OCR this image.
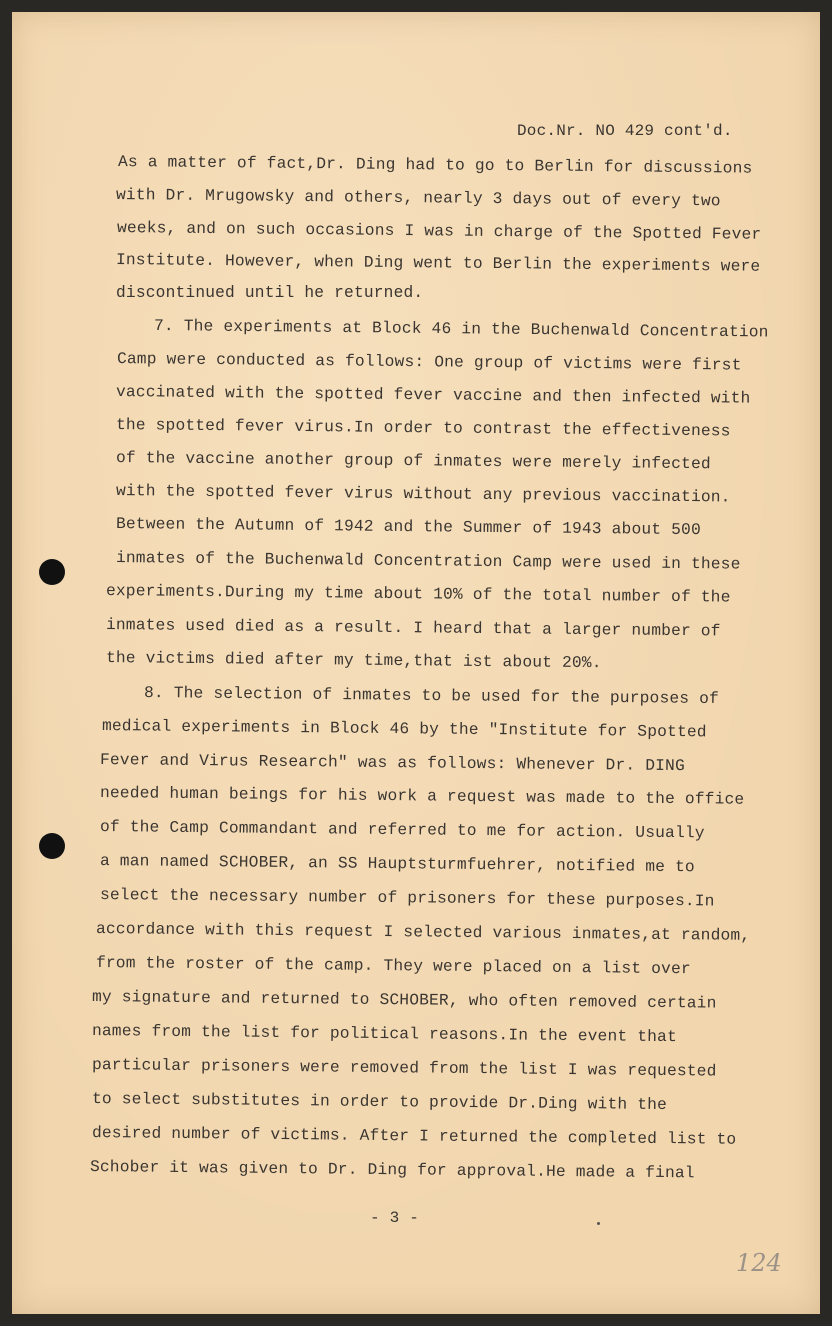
Doc.Nr. NO 429 cont'd.

As a matter of fact,Dr. Ding had to go to Berlin for discussions

with Dr. Mrugowsky and others, nearly 3 days out of every two

weeks, and on such occasions I was in charge of the Spotted Fever

Institute. However, when Ding went to Berlin the experiments were

discontinued until he returned.

7. The experiments at Block 46 in the Buchenwald Concentration

Camp were conducted as follows: One group of victims were first

vaccinated with the spotted fever vaccine and then infected with

the spotted fever virus.In order to contrast the effectiveness

of the vaccine another group of inmates were merely infected

with the spotted fever virus without any previous vaccination.

Between the Autumn of 1942 and the Summer of 1943 about 500

inmates of the Buchenwald Concentration Camp were used in these

experiments.During my time about 10% of the total number of the

inmates used died as a result. I heard that a larger number of

the victims died after my time,that ist about 20%.

8. The selection of inmates to be used for the purposes of

medical experiments in Block 46 by the "Institute for Spotted

Fever and Virus Research" was as follows: Whenever Dr. DING

needed human beings for his work a request was made to the office

of the Camp Commandant and referred to me for action. Usually

a man named SCHOBER, an SS Hauptsturmfuehrer, notified me to

select the necessary number of prisoners for these purposes.In

accordance with this request I selected various inmates,at random,

from the roster of the camp. They were placed on a list over

my signature and returned to SCHOBER, who often removed certain

names from the list for political reasons.In the event that

particular prisoners were removed from the list I was requested

to select substitutes in order to provide Dr.Ding with the

desired number of victims. After I returned the completed list to

Schober it was given to Dr. Ding for approval.He made a final

- 3 -

124
